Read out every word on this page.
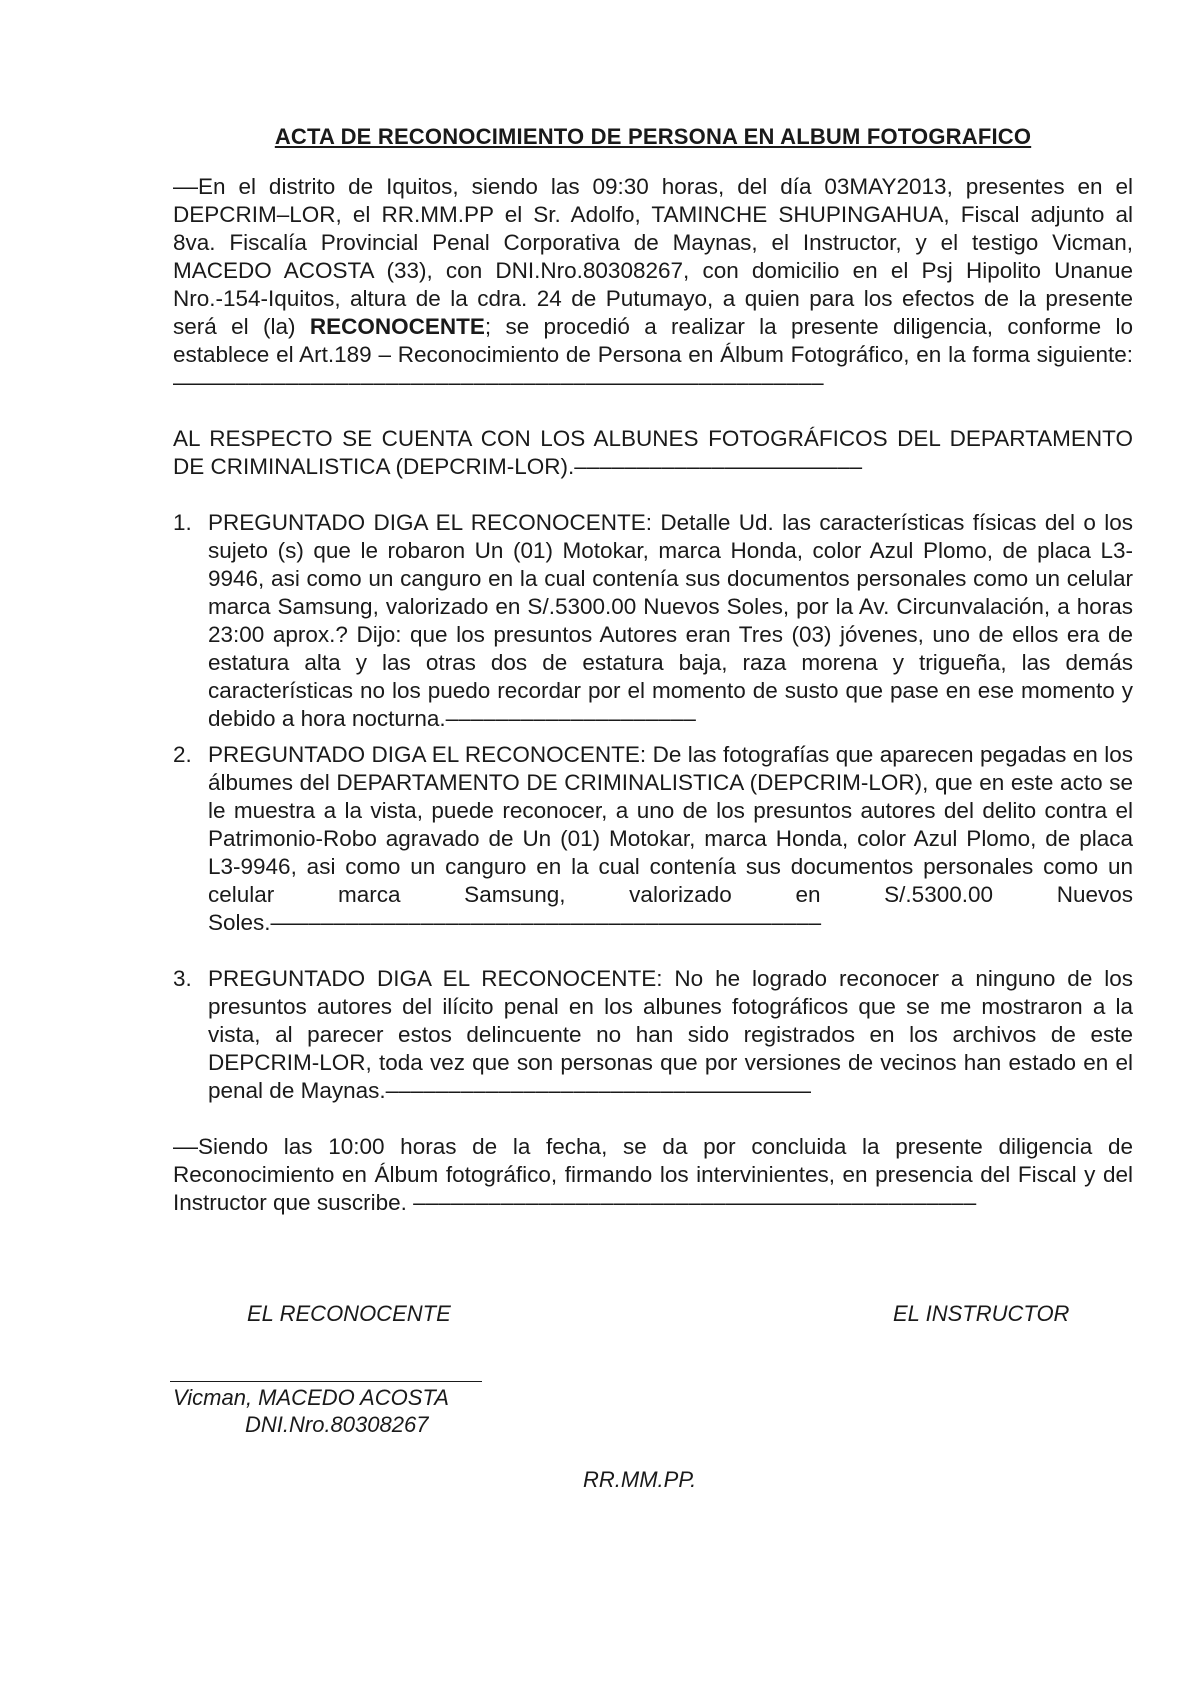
ACTA DE RECONOCIMIENTO DE PERSONA EN ALBUM FOTOGRAFICO

––En el distrito de Iquitos, siendo las 09:30 horas, del día 03MAY2013, presentes en el DEPCRIM–LOR, el RR.MM.PP el Sr. Adolfo, TAMINCHE SHUPINGAHUA, Fiscal adjunto al 8va. Fiscalía Provincial Penal Corporativa de Maynas, el Instructor, y el testigo Vicman, MACEDO ACOSTA (33), con DNI.Nro.80308267, con domicilio en el Psj Hipolito Unanue Nro.-154-Iquitos, altura de la cdra. 24 de Putumayo, a quien para los efectos de la presente será el (la) RECONOCENTE; se procedió a realizar la presente diligencia, conforme lo establece el Art.189 – Reconocimiento de Persona en Álbum Fotográfico, en la forma siguiente: ––––––––––––––––––––––––––––––––––––––––––––––––––––

AL RESPECTO SE CUENTA CON LOS ALBUNES FOTOGRÁFICOS DEL DEPARTAMENTO DE CRIMINALISTICA (DEPCRIM-LOR).–––––––––––––––––––––––

1. PREGUNTADO DIGA EL RECONOCENTE: Detalle Ud. las características físicas del o los sujeto (s) que le robaron Un (01) Motokar, marca Honda, color Azul Plomo, de placa L3-9946, asi como un canguro en la cual contenía sus documentos personales como un celular marca Samsung, valorizado en S/.5300.00 Nuevos Soles, por la Av. Circunvalación, a horas 23:00 aprox.? Dijo: que los presuntos Autores eran Tres (03) jóvenes, uno de ellos era de estatura alta y las otras dos de estatura baja, raza morena y trigueña, las demás características no los puedo recordar por el momento de susto que pase en ese momento y debido a hora nocturna.––––––––––––––––––––
2. PREGUNTADO DIGA EL RECONOCENTE: De las fotografías que aparecen pegadas en los álbumes del DEPARTAMENTO DE CRIMINALISTICA (DEPCRIM-LOR), que en este acto se le muestra a la vista, puede reconocer, a uno de los presuntos autores del delito contra el Patrimonio-Robo agravado de Un (01) Motokar, marca Honda, color Azul Plomo, de placa L3-9946, asi como un canguro en la cual contenía sus documentos personales como un celular marca Samsung, valorizado en S/.5300.00 Nuevos Soles.––––––––––––––––––––––––––––––––––––––––––––
3. PREGUNTADO DIGA EL RECONOCENTE: No he logrado reconocer a ninguno de los presuntos autores del ilícito penal en los albunes fotográficos que se me mostraron a la vista, al parecer estos delincuente no han sido registrados en los archivos de este DEPCRIM-LOR, toda vez que son personas que por versiones de vecinos han estado en el penal de Maynas.––––––––––––––––––––––––––––––––––

––Siendo las 10:00 horas de la fecha, se da por concluida la presente diligencia de Reconocimiento en Álbum fotográfico, firmando los intervinientes, en presencia del Fiscal y del Instructor que suscribe. –––––––––––––––––––––––––––––––––––––––––––––

EL RECONOCENTE	EL INSTRUCTOR
Vicman, MACEDO ACOSTA
DNI.Nro.80308267
RR.MM.PP.
